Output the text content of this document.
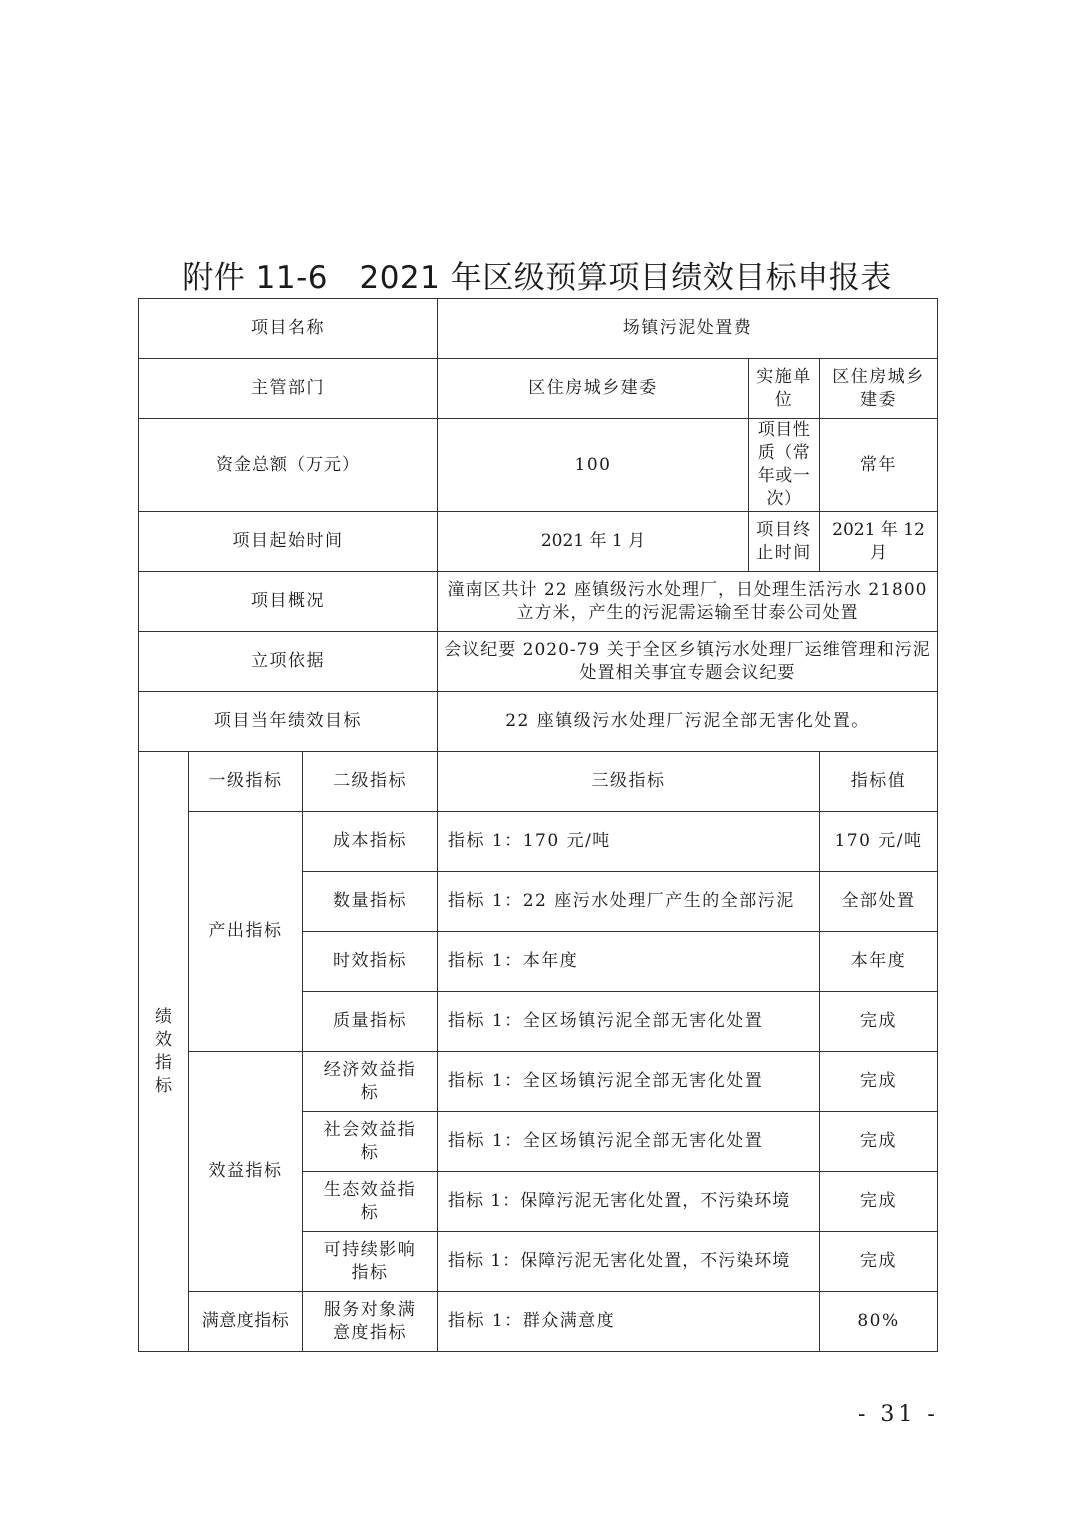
附件 11-6　2021 年区级预算项目绩效目标申报表
项目名称			场镇污泥处置费		
主管部门			区住房城乡建委	实施单位	区住房城乡建委
资金总额（万元）			100	项目性质（常年或一次）	常年
项目起始时间			2021 年 1 月	项目终止时间	2021 年 12 月
项目概况			潼南区共计 22 座镇级污水处理厂，日处理生活污水 21800 立方米，产生的污泥需运输至甘泰公司处置		
立项依据			会议纪要 2020-79 关于全区乡镇污水处理厂运维管理和污泥处置相关事宜专题会议纪要		
项目当年绩效目标			22 座镇级污水处理厂污泥全部无害化处置。		
绩效指标	一级指标	二级指标	三级指标		指标值
	产出指标	成本指标	指标 1：170 元/吨		170 元/吨
		数量指标	指标 1：22 座污水处理厂产生的全部污泥		全部处置
		时效指标	指标 1：本年度		本年度
		质量指标	指标 1：全区场镇污泥全部无害化处置		完成
	效益指标	经济效益指标	指标 1：全区场镇污泥全部无害化处置		完成
		社会效益指标	指标 1：全区场镇污泥全部无害化处置		完成
		生态效益指标	指标 1：保障污泥无害化处置，不污染环境		完成
		可持续影响指标	指标 1：保障污泥无害化处置，不污染环境		完成
	满意度指标	服务对象满意度指标	指标 1：群众满意度		80%
- 31 -
